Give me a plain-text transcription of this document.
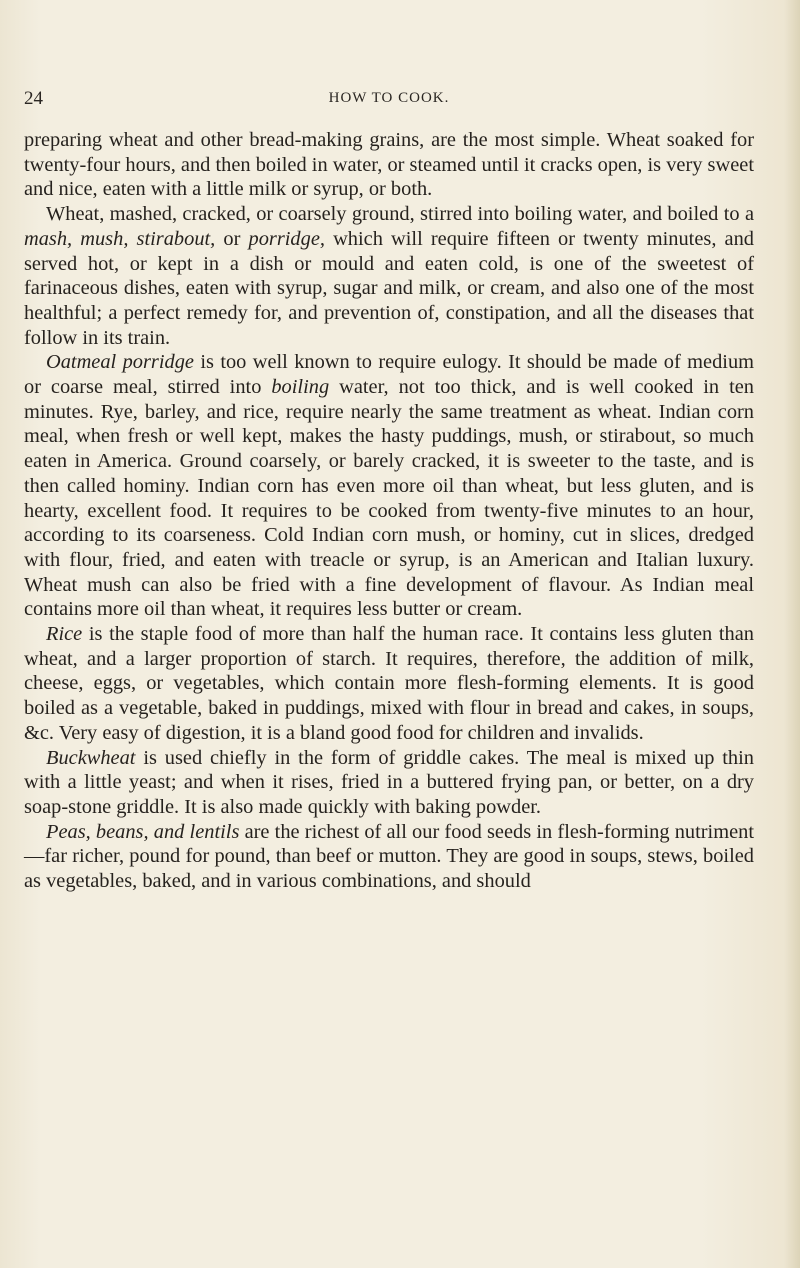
24	HOW TO COOK.

preparing wheat and other bread-making grains, are the most simple. Wheat soaked for twenty-four hours, and then boiled in water, or steamed until it cracks open, is very sweet and nice, eaten with a little milk or syrup, or both.

Wheat, mashed, cracked, or coarsely ground, stirred into boiling water, and boiled to a mash, mush, stirabout, or porridge, which will require fifteen or twenty minutes, and served hot, or kept in a dish or mould and eaten cold, is one of the sweetest of farinaceous dishes, eaten with syrup, sugar and milk, or cream, and also one of the most healthful; a perfect remedy for, and prevention of, constipation, and all the diseases that follow in its train.

Oatmeal porridge is too well known to require eulogy. It should be made of medium or coarse meal, stirred into boiling water, not too thick, and is well cooked in ten minutes. Rye, barley, and rice, require nearly the same treatment as wheat. Indian corn meal, when fresh or well kept, makes the hasty puddings, mush, or stirabout, so much eaten in America. Ground coarsely, or barely cracked, it is sweeter to the taste, and is then called hominy. Indian corn has even more oil than wheat, but less gluten, and is hearty, excellent food. It requires to be cooked from twenty-five minutes to an hour, according to its coarseness. Cold Indian corn mush, or hominy, cut in slices, dredged with flour, fried, and eaten with treacle or syrup, is an American and Italian luxury. Wheat mush can also be fried with a fine development of flavour. As Indian meal contains more oil than wheat, it requires less butter or cream.

Rice is the staple food of more than half the human race. It contains less gluten than wheat, and a larger proportion of starch. It requires, therefore, the addition of milk, cheese, eggs, or vegetables, which contain more flesh-forming elements. It is good boiled as a vegetable, baked in puddings, mixed with flour in bread and cakes, in soups, &c. Very easy of digestion, it is a bland good food for children and invalids.

Buckwheat is used chiefly in the form of griddle cakes. The meal is mixed up thin with a little yeast; and when it rises, fried in a buttered frying pan, or better, on a dry soap-stone griddle. It is also made quickly with baking powder.

Peas, beans, and lentils are the richest of all our food seeds in flesh-forming nutriment—far richer, pound for pound, than beef or mutton. They are good in soups, stews, boiled as vegetables, baked, and in various combinations, and should
